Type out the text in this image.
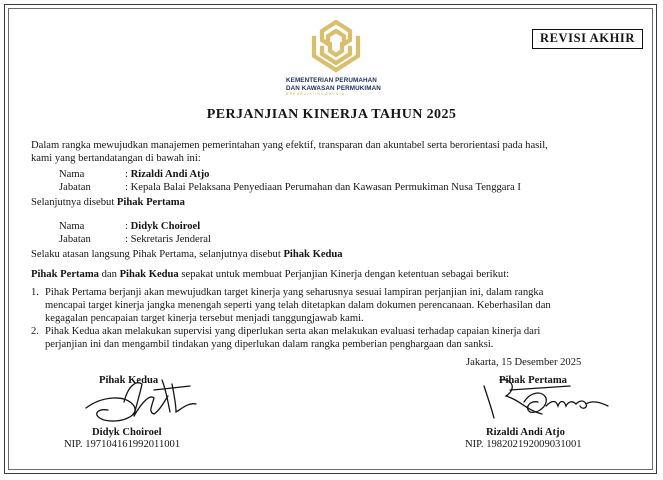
REVISI AKHIR
KEMENTERIAN PERUMAHAN
DAN KAWASAN PERMUKIMAN
REPUBLIK INDONESIA
PERJANJIAN KINERJA TAHUN 2025
Dalam rangka mewujudkan manajemen pemerintahan yang efektif, transparan dan akuntabel serta berorientasi pada hasil,
kami yang bertandatangan di bawah ini:
Nama	: Rizaldi Andi Atjo
Jabatan	: Kepala Balai Pelaksana Penyediaan Perumahan dan Kawasan Permukiman Nusa Tenggara I
Selanjutnya disebut Pihak Pertama
Nama	: Didyk Choiroel
Jabatan	: Sekretaris Jenderal
Selaku atasan langsung Pihak Pertama, selanjutnya disebut Pihak Kedua
Pihak Pertama dan Pihak Kedua sepakat untuk membuat Perjanjian Kinerja dengan ketentuan sebagai berikut:
1. Pihak Pertama berjanji akan mewujudkan target kinerja yang seharusnya sesuai lampiran perjanjian ini, dalam rangka
mencapai target kinerja jangka menengah seperti yang telah ditetapkan dalam dokumen perencanaan. Keberhasilan dan
kegagalan pencapaian target kinerja tersebut menjadi tanggungjawab kami.
2. Pihak Kedua akan melakukan supervisi yang diperlukan serta akan melakukan evaluasi terhadap capaian kinerja dari
perjanjian ini dan mengambil tindakan yang diperlukan dalam rangka pemberian penghargaan dan sanksi.
Jakarta, 15 Desember 2025
Pihak Kedua
Didyk Choiroel
NIP. 197104161992011001
Pihak Pertama
Rizaldi Andi Atjo
NIP. 198202192009031001
